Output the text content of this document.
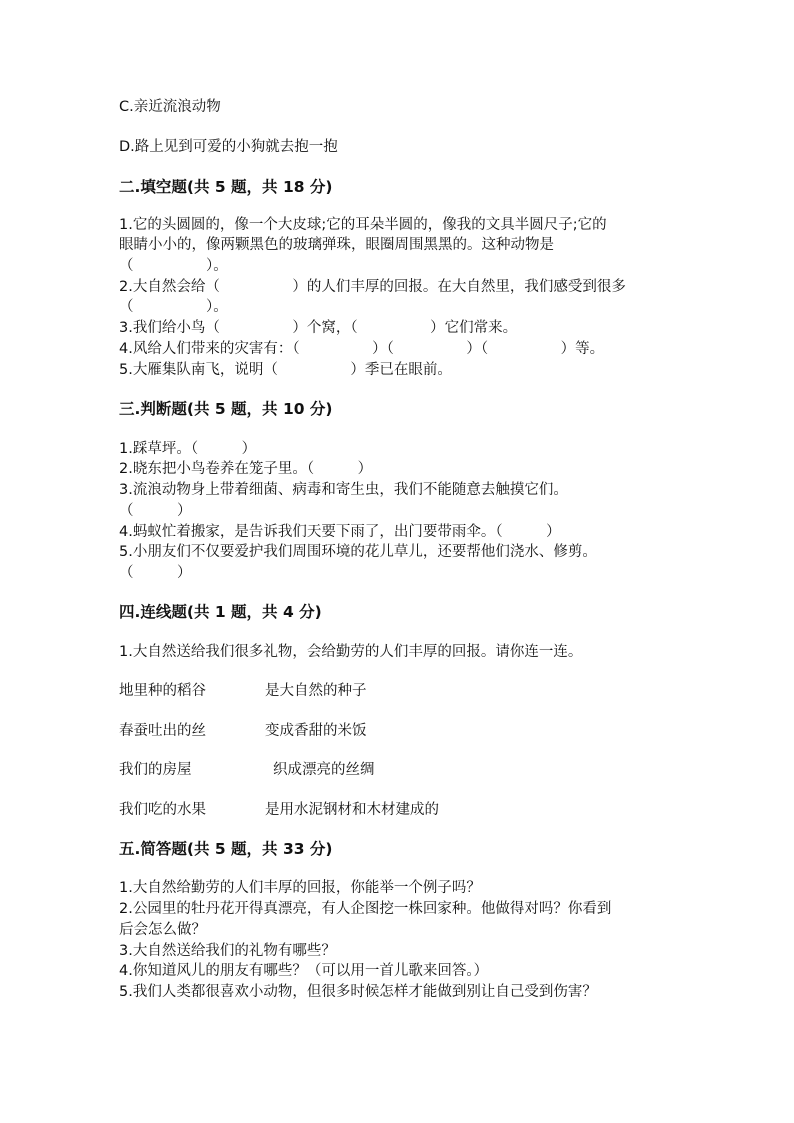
C.亲近流浪动物
D.路上见到可爱的小狗就去抱一抱
二.填空题(共 5 题，共 18 分)
1.它的头圆圆的，像一个大皮球;它的耳朵半圆的，像我的文具半圆尺子;它的
眼睛小小的，像两颗黑色的玻璃弹珠，眼圈周围黑黑的。这种动物是
（　　　　　）。
2.大自然会给（　　　　　）的人们丰厚的回报。在大自然里，我们感受到很多
（　　　　　）。
3.我们给小鸟（　　　　　）个窝，（　　　　　）它们常来。
4.风给人们带来的灾害有：（　　　　　）（　　　　　）（　　　　　）等。
5.大雁集队南飞，说明（　　　　　）季已在眼前。
三.判断题(共 5 题，共 10 分)
1.踩草坪。（　　　）
2.晓东把小鸟卷养在笼子里。（　　　）
3.流浪动物身上带着细菌、病毒和寄生虫，我们不能随意去触摸它们。
（　　　）
4.蚂蚁忙着搬家，是告诉我们天要下雨了，出门要带雨伞。（　　　）
5.小朋友们不仅要爱护我们周围环境的花儿草儿，还要帮他们浇水、修剪。
（　　　）
四.连线题(共 1 题，共 4 分)
1.大自然送给我们很多礼物，会给勤劳的人们丰厚的回报。请你连一连。
地里种的稻谷	是大自然的种子
春蚕吐出的丝	变成香甜的米饭
我们的房屋	织成漂亮的丝绸
我们吃的水果	是用水泥钢材和木材建成的
五.简答题(共 5 题，共 33 分)
1.大自然给勤劳的人们丰厚的回报，你能举一个例子吗？
2.公园里的牡丹花开得真漂亮，有人企图挖一株回家种。他做得对吗？你看到
后会怎么做？
3.大自然送给我们的礼物有哪些？
4.你知道风儿的朋友有哪些？（可以用一首儿歌来回答。）
5.我们人类都很喜欢小动物，但很多时候怎样才能做到别让自己受到伤害？
